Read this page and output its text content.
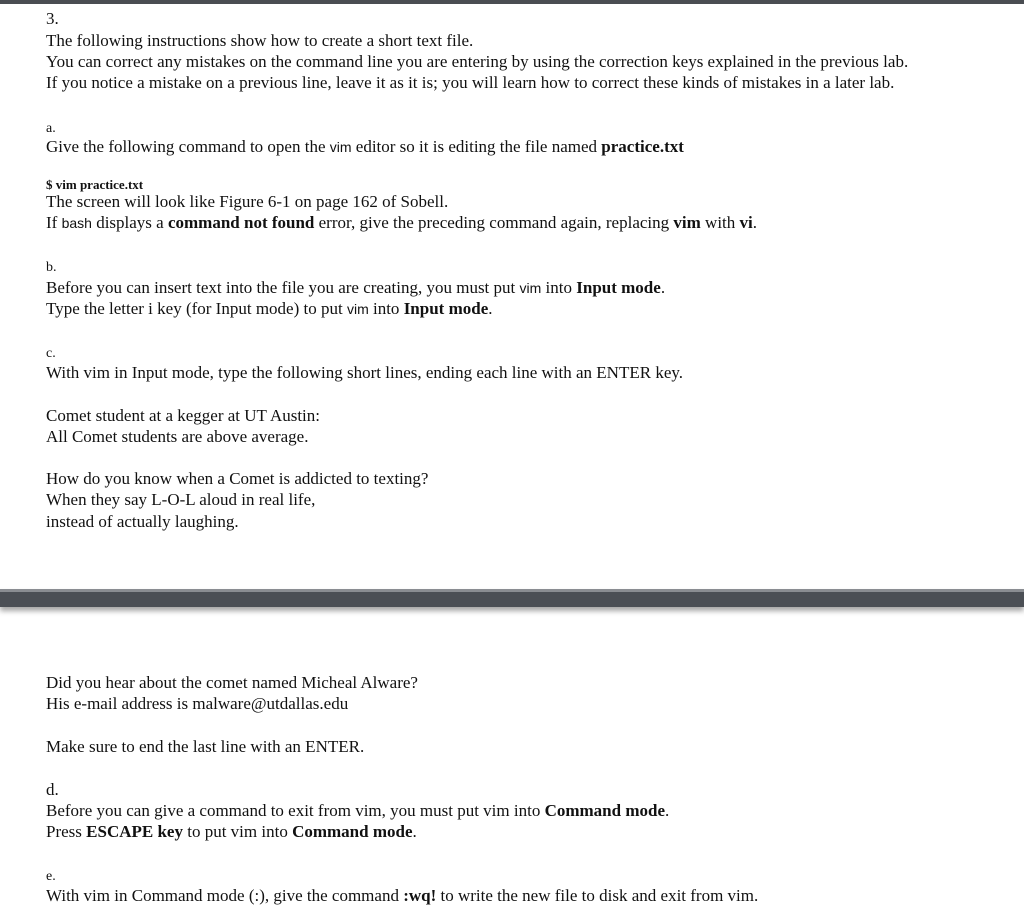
3.
The following instructions show how to create a short text file.
You can correct any mistakes on the command line you are entering by using the correction keys explained in the previous lab.
If you notice a mistake on a previous line, leave it as it is; you will learn how to correct these kinds of mistakes in a later lab.
a.
Give the following command to open the vim editor so it is editing the file named practice.txt
$ vim practice.txt
The screen will look like Figure 6-1 on page 162 of Sobell.
If bash displays a command not found error, give the preceding command again, replacing vim with vi.
b.
Before you can insert text into the file you are creating, you must put vim into Input mode.
Type the letter i key (for Input mode) to put vim into Input mode.
c.
With vim in Input mode, type the following short lines, ending each line with an ENTER key.
Comet student at a kegger at UT Austin:
All Comet students are above average.
How do you know when a Comet is addicted to texting?
When they say L-O-L aloud in real life,
instead of actually laughing.
Did you hear about the comet named Micheal Alware?
His e-mail address is malware@utdallas.edu
Make sure to end the last line with an ENTER.
d.
Before you can give a command to exit from vim, you must put vim into Command mode.
Press ESCAPE key to put vim into Command mode.
e.
With vim in Command mode (:), give the command :wq! to write the new file to disk and exit from vim.
